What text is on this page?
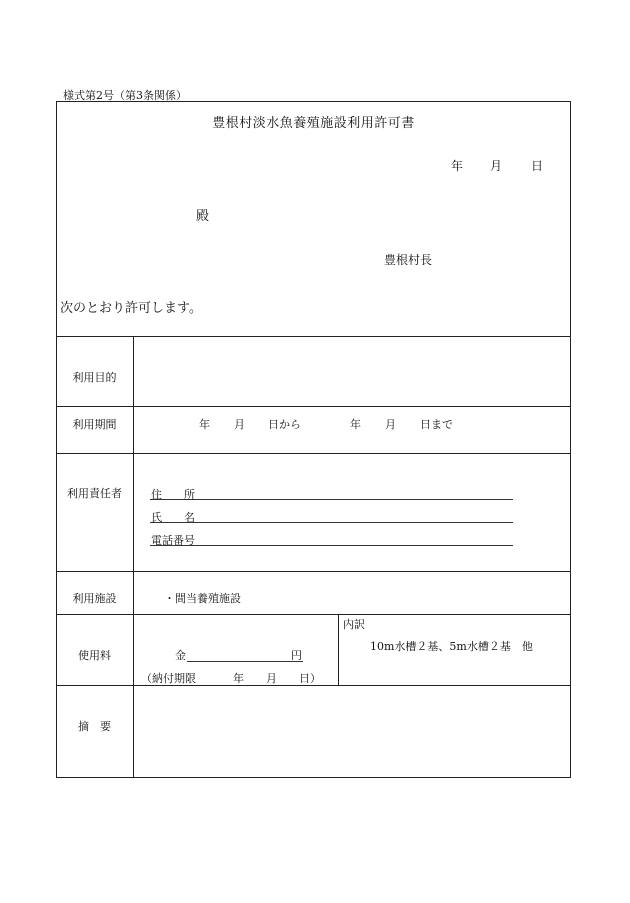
様式第2号（第3条関係）
豊根村淡水魚養殖施設利用許可書
年 月 日
殿
豊根村長
次のとおり許可します。
利用目的
利用期間	年 月 日から	年 月 日まで
利用責任者	住　　所
氏　　名
電話番号
利用施設	・間当養殖施設
使用料	金	円
（納付期限	年 月 日）
内訳
10m水槽２基、5m水槽２基　他
摘　要
